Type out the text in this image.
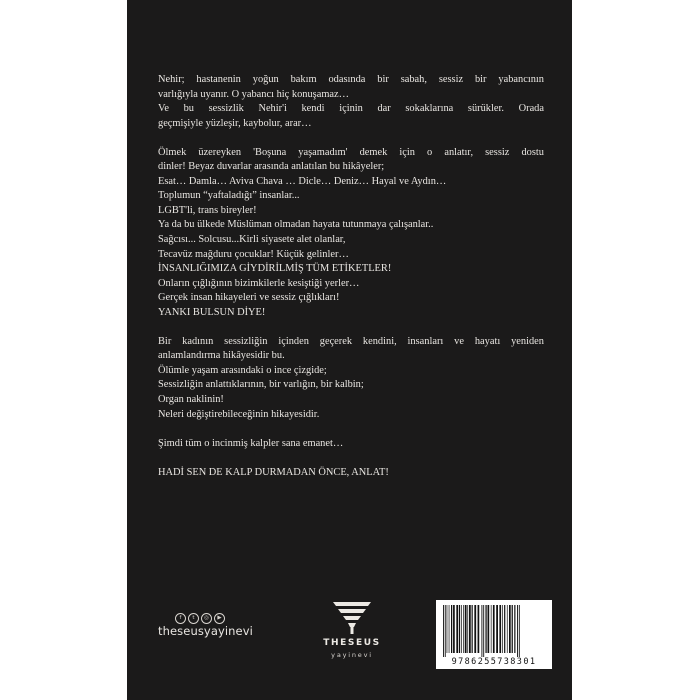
Nehir; hastanenin yoğun bakım odasında bir sabah, sessiz bir yabancının
varlığıyla uyanır. O yabancı hiç konuşamaz…
Ve bu sessizlik Nehir'i kendi içinin dar sokaklarına sürükler. Orada
geçmişiyle yüzleşir, kaybolur, arar…
Ölmek üzereyken 'Boşuna yaşamadım' demek için o anlatır, sessiz dostu
dinler! Beyaz duvarlar arasında anlatılan bu hikâyeler;
Esat… Damla… Aviva Chava … Dicle… Deniz… Hayal ve Aydın…
Toplumun “yaftaladığı” insanlar...
LGBT'li, trans bireyler!
Ya da bu ülkede Müslüman olmadan hayata tutunmaya çalışanlar..
Sağcısı... Solcusu...Kirli siyasete alet olanlar,
Tecavüz mağduru çocuklar! Küçük gelinler…
İNSANLIĞIMIZA GİYDİRİLMİŞ TÜM ETİKETLER!
Onların çığlığının bizimkilerle kesiştiği yerler…
Gerçek insan hikayeleri ve sessiz çığlıkları!
YANKI BULSUN DİYE!
Bir kadının sessizliğin içinden geçerek kendini, insanları ve hayatı yeniden
anlamlandırma hikâyesidir bu.
Ölümle yaşam arasındaki o ince çizgide;
Sessizliğin anlattıklarının, bir varlığın, bir kalbin;
Organ naklinin!
Neleri değiştirebileceğinin hikayesidir.
Şimdi tüm o incinmiş kalpler sana emanet…
HADİ SEN DE KALP DURMADAN ÖNCE, ANLAT!
f	t	◎	▶
theseusyayinevi
THESEUS
yayinevi
9786255738301
